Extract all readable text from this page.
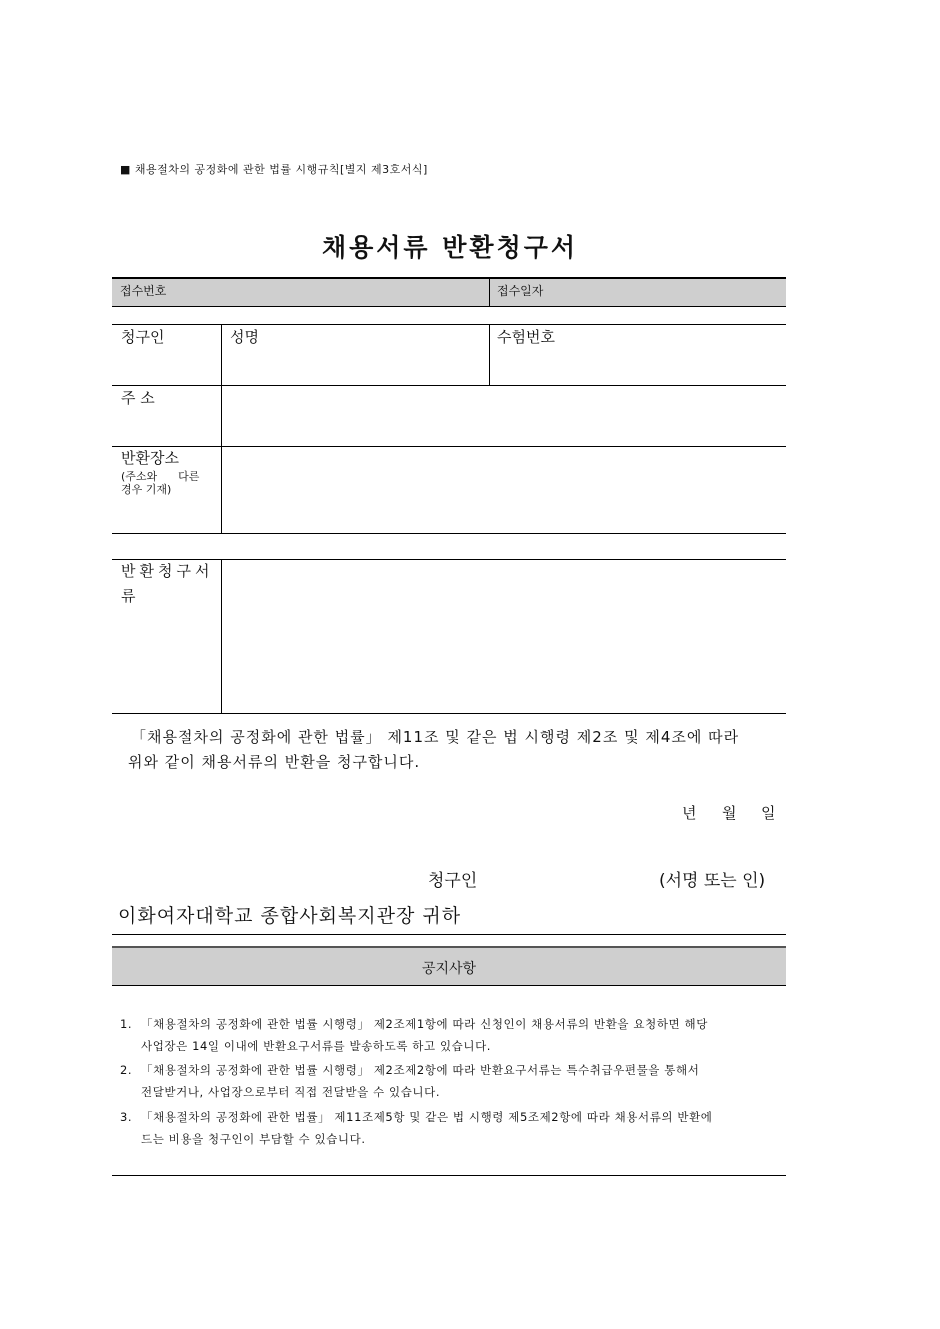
■ 채용절차의 공정화에 관한 법률 시행규칙[별지 제3호서식]
채용서류 반환청구서
접수번호	접수일자
청구인	성명	수험번호
주 소
반환장소
(주소와      다른
경우 기재)
반환청구서
류
「채용절차의 공정화에 관한 법률」 제11조 및 같은 법 시행령 제2조 및 제4조에 따라
위와 같이 채용서류의 반환을 청구합니다.
년 월 일
청구인	(서명 또는 인)
이화여자대학교 종합사회복지관장 귀하
공지사항
1. 「채용절차의 공정화에 관한 법률 시행령」 제2조제1항에 따라 신청인이 채용서류의 반환을 요청하면 해당
사업장은 14일 이내에 반환요구서류를 발송하도록 하고 있습니다.
2. 「채용절차의 공정화에 관한 법률 시행령」 제2조제2항에 따라 반환요구서류는 특수취급우편물을 통해서
전달받거나, 사업장으로부터 직접 전달받을 수 있습니다.
3. 「채용절차의 공정화에 관한 법률」 제11조제5항 및 같은 법 시행령 제5조제2항에 따라 채용서류의 반환에
드는 비용을 청구인이 부담할 수 있습니다.
